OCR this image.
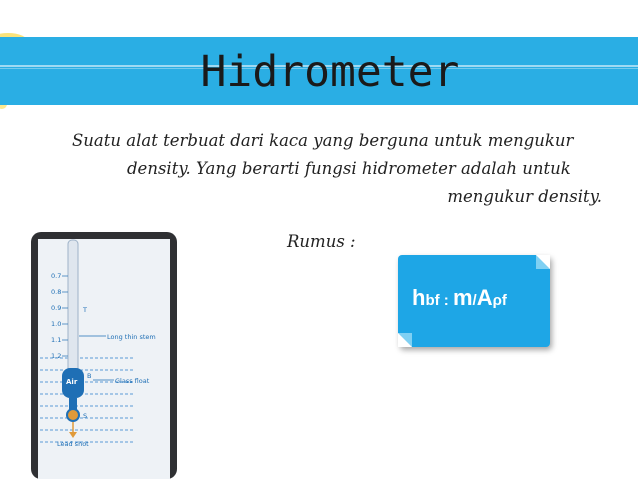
Hidrometer
Suatu alat terbuat dari kaca yang berguna untuk mengukur
density. Yang berarti fungsi hidrometer adalah untuk
mengukur density.
Rumus :
hbf : m/Aρf
0.7
0.8
0.9
1.0
1.1
1.2
T
Long thin stem
B
Glass float
S
Lead shot
Air
